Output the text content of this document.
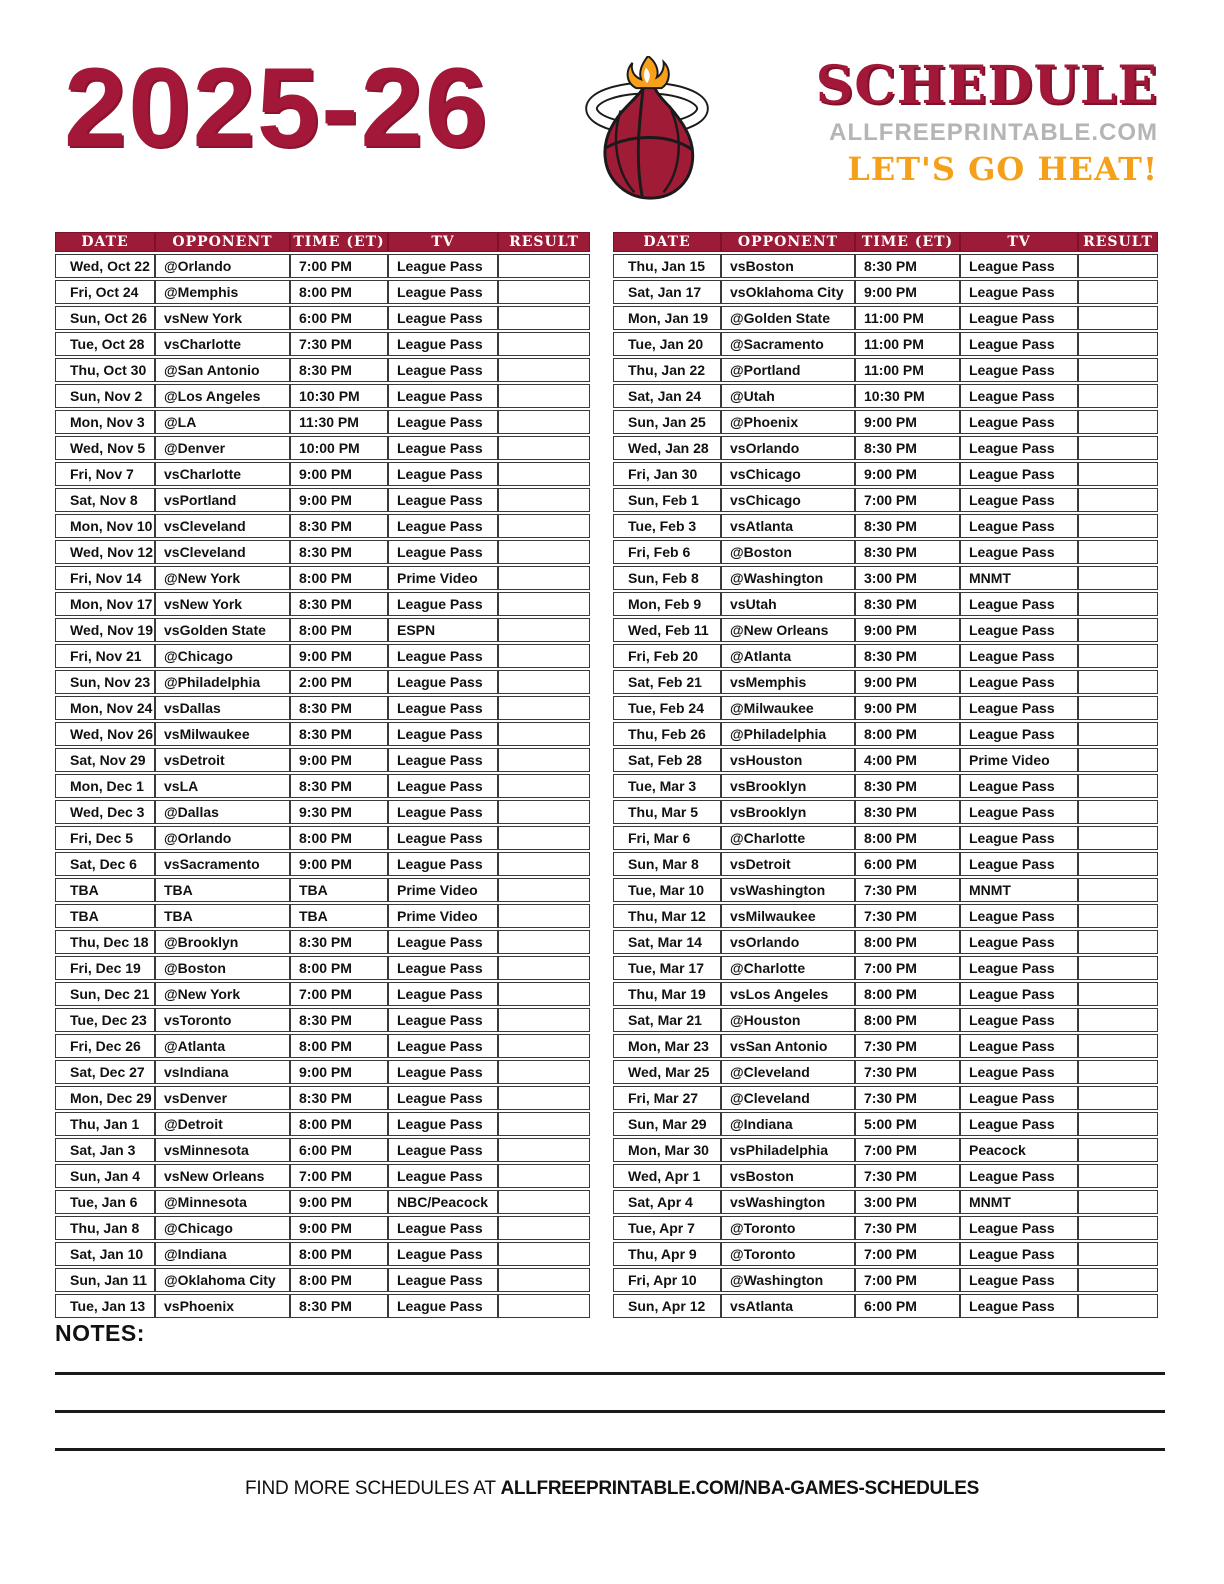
2025-26	SCHEDULE
ALLFREEPRINTABLE.COM
LET'S GO HEAT!
DATE	OPPONENT	TIME (ET)	TV	RESULT
Wed, Oct 22	@Orlando	7:00 PM	League Pass	
Fri, Oct 24	@Memphis	8:00 PM	League Pass	
Sun, Oct 26	vsNew York	6:00 PM	League Pass	
Tue, Oct 28	vsCharlotte	7:30 PM	League Pass	
Thu, Oct 30	@San Antonio	8:30 PM	League Pass	
Sun, Nov 2	@Los Angeles	10:30 PM	League Pass	
Mon, Nov 3	@LA	11:30 PM	League Pass	
Wed, Nov 5	@Denver	10:00 PM	League Pass	
Fri, Nov 7	vsCharlotte	9:00 PM	League Pass	
Sat, Nov 8	vsPortland	9:00 PM	League Pass	
Mon, Nov 10	vsCleveland	8:30 PM	League Pass	
Wed, Nov 12	vsCleveland	8:30 PM	League Pass	
Fri, Nov 14	@New York	8:00 PM	Prime Video	
Mon, Nov 17	vsNew York	8:30 PM	League Pass	
Wed, Nov 19	vsGolden State	8:00 PM	ESPN	
Fri, Nov 21	@Chicago	9:00 PM	League Pass	
Sun, Nov 23	@Philadelphia	2:00 PM	League Pass	
Mon, Nov 24	vsDallas	8:30 PM	League Pass	
Wed, Nov 26	vsMilwaukee	8:30 PM	League Pass	
Sat, Nov 29	vsDetroit	9:00 PM	League Pass	
Mon, Dec 1	vsLA	8:30 PM	League Pass	
Wed, Dec 3	@Dallas	9:30 PM	League Pass	
Fri, Dec 5	@Orlando	8:00 PM	League Pass	
Sat, Dec 6	vsSacramento	9:00 PM	League Pass	
TBA	TBA	TBA	Prime Video	
TBA	TBA	TBA	Prime Video	
Thu, Dec 18	@Brooklyn	8:30 PM	League Pass	
Fri, Dec 19	@Boston	8:00 PM	League Pass	
Sun, Dec 21	@New York	7:00 PM	League Pass	
Tue, Dec 23	vsToronto	8:30 PM	League Pass	
Fri, Dec 26	@Atlanta	8:00 PM	League Pass	
Sat, Dec 27	vsIndiana	9:00 PM	League Pass	
Mon, Dec 29	vsDenver	8:30 PM	League Pass	
Thu, Jan 1	@Detroit	8:00 PM	League Pass	
Sat, Jan 3	vsMinnesota	6:00 PM	League Pass	
Sun, Jan 4	vsNew Orleans	7:00 PM	League Pass	
Tue, Jan 6	@Minnesota	9:00 PM	NBC/Peacock	
Thu, Jan 8	@Chicago	9:00 PM	League Pass	
Sat, Jan 10	@Indiana	8:00 PM	League Pass	
Sun, Jan 11	@Oklahoma City	8:00 PM	League Pass	
Tue, Jan 13	vsPhoenix	8:30 PM	League Pass	
DATE	OPPONENT	TIME (ET)	TV	RESULT
Thu, Jan 15	vsBoston	8:30 PM	League Pass	
Sat, Jan 17	vsOklahoma City	9:00 PM	League Pass	
Mon, Jan 19	@Golden State	11:00 PM	League Pass	
Tue, Jan 20	@Sacramento	11:00 PM	League Pass	
Thu, Jan 22	@Portland	11:00 PM	League Pass	
Sat, Jan 24	@Utah	10:30 PM	League Pass	
Sun, Jan 25	@Phoenix	9:00 PM	League Pass	
Wed, Jan 28	vsOrlando	8:30 PM	League Pass	
Fri, Jan 30	vsChicago	9:00 PM	League Pass	
Sun, Feb 1	vsChicago	7:00 PM	League Pass	
Tue, Feb 3	vsAtlanta	8:30 PM	League Pass	
Fri, Feb 6	@Boston	8:30 PM	League Pass	
Sun, Feb 8	@Washington	3:00 PM	MNMT	
Mon, Feb 9	vsUtah	8:30 PM	League Pass	
Wed, Feb 11	@New Orleans	9:00 PM	League Pass	
Fri, Feb 20	@Atlanta	8:30 PM	League Pass	
Sat, Feb 21	vsMemphis	9:00 PM	League Pass	
Tue, Feb 24	@Milwaukee	9:00 PM	League Pass	
Thu, Feb 26	@Philadelphia	8:00 PM	League Pass	
Sat, Feb 28	vsHouston	4:00 PM	Prime Video	
Tue, Mar 3	vsBrooklyn	8:30 PM	League Pass	
Thu, Mar 5	vsBrooklyn	8:30 PM	League Pass	
Fri, Mar 6	@Charlotte	8:00 PM	League Pass	
Sun, Mar 8	vsDetroit	6:00 PM	League Pass	
Tue, Mar 10	vsWashington	7:30 PM	MNMT	
Thu, Mar 12	vsMilwaukee	7:30 PM	League Pass	
Sat, Mar 14	vsOrlando	8:00 PM	League Pass	
Tue, Mar 17	@Charlotte	7:00 PM	League Pass	
Thu, Mar 19	vsLos Angeles	8:00 PM	League Pass	
Sat, Mar 21	@Houston	8:00 PM	League Pass	
Mon, Mar 23	vsSan Antonio	7:30 PM	League Pass	
Wed, Mar 25	@Cleveland	7:30 PM	League Pass	
Fri, Mar 27	@Cleveland	7:30 PM	League Pass	
Sun, Mar 29	@Indiana	5:00 PM	League Pass	
Mon, Mar 30	vsPhiladelphia	7:00 PM	Peacock	
Wed, Apr 1	vsBoston	7:30 PM	League Pass	
Sat, Apr 4	vsWashington	3:00 PM	MNMT	
Tue, Apr 7	@Toronto	7:30 PM	League Pass	
Thu, Apr 9	@Toronto	7:00 PM	League Pass	
Fri, Apr 10	@Washington	7:00 PM	League Pass	
Sun, Apr 12	vsAtlanta	6:00 PM	League Pass	
NOTES:
FIND MORE SCHEDULES AT ALLFREEPRINTABLE.COM/NBA-GAMES-SCHEDULES
